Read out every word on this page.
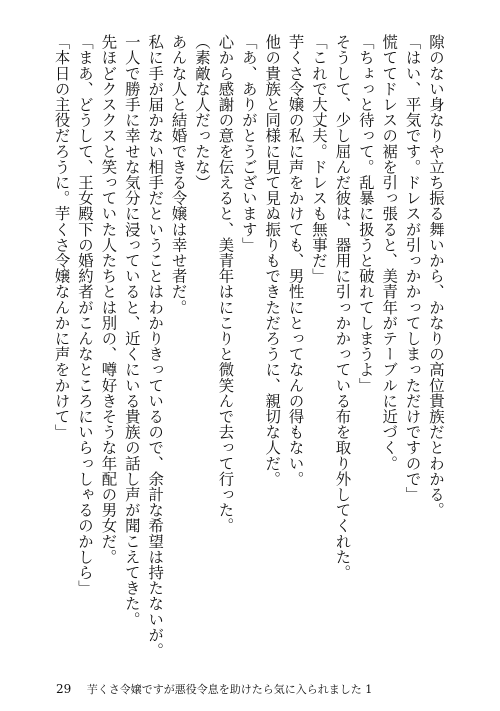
隙のない身なりや立ち振る舞いから、かなりの高位貴族だとわかる。
「はい、平気です。ドレスが引っかかってしまっただけですので」
慌ててドレスの裾を引っ張ると、美青年がテーブルに近づく。
「ちょっと待って。乱暴に扱うと破れてしまうよ」
そうして、少し屈んだ彼は、器用に引っかかっている布を取り外してくれた。
「これで大丈夫。ドレスも無事だ」
芋くさ令嬢の私に声をかけても、男性にとってなんの得もない。
他の貴族と同様に見て見ぬ振りもできただろうに、親切な人だ。
「あ、ありがとうございます」
心から感謝の意を伝えると、美青年はにこりと微笑んで去って行った。
（素敵な人だったな）
あんな人と結婚できる令嬢は幸せ者だ。
私に手が届かない相手だということはわかりきっているので、余計な希望は持たないが。
一人で勝手に幸せな気分に浸っていると、近くにいる貴族の話し声が聞こえてきた。
先ほどクスクスと笑っていた人たちとは別の、噂好きそうな年配の男女だ。
「まあ、どうして、王女殿下の婚約者がこんなところにいらっしゃるのかしら」
「本日の主役だろうに。芋くさ令嬢なんかに声をかけて」
29 芋くさ令嬢ですが悪役令息を助けたら気に入られました 1
